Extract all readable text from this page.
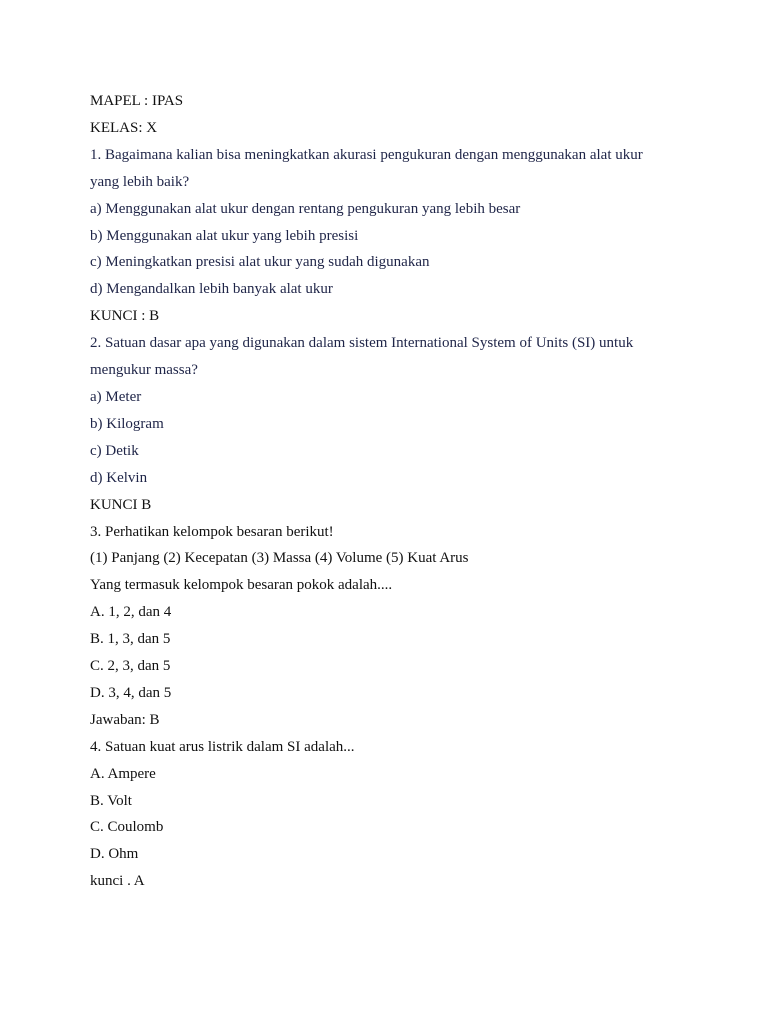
MAPEL : IPAS
KELAS: X
1. Bagaimana kalian bisa meningkatkan akurasi pengukuran dengan menggunakan alat ukur
yang lebih baik?
a) Menggunakan alat ukur dengan rentang pengukuran yang lebih besar
b) Menggunakan alat ukur yang lebih presisi
c) Meningkatkan presisi alat ukur yang sudah digunakan
d) Mengandalkan lebih banyak alat ukur
KUNCI : B
2. Satuan dasar apa yang digunakan dalam sistem International System of Units (SI) untuk
mengukur massa?
a) Meter
b) Kilogram
c) Detik
d) Kelvin
KUNCI B
3. Perhatikan kelompok besaran berikut!
(1) Panjang (2) Kecepatan (3) Massa (4) Volume (5) Kuat Arus
Yang termasuk kelompok besaran pokok adalah....
A. 1, 2, dan 4
B. 1, 3, dan 5
C. 2, 3, dan 5
D. 3, 4, dan 5
Jawaban: B
4. Satuan kuat arus listrik dalam SI adalah...
A. Ampere
B. Volt
C. Coulomb
D. Ohm
kunci . A
